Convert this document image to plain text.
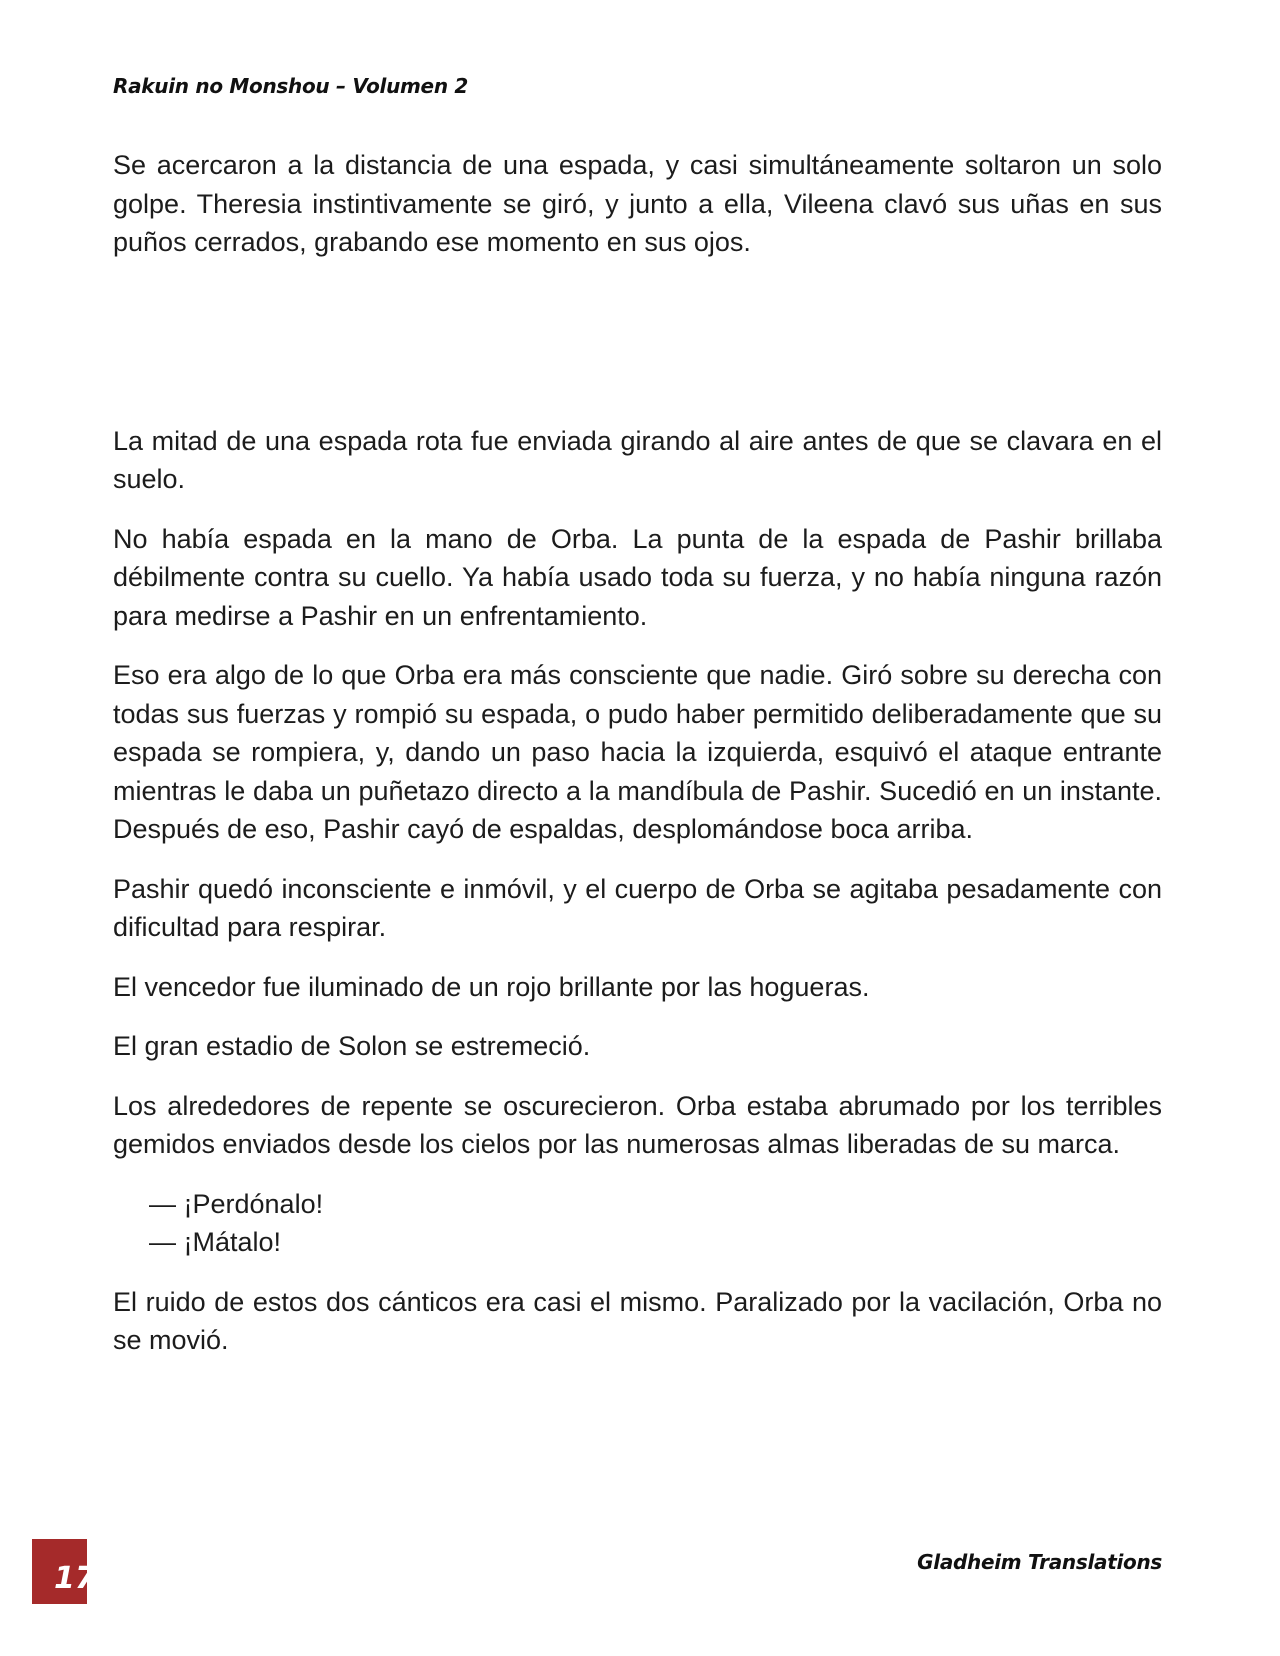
Rakuin no Monshou – Volumen 2

Se acercaron a la distancia de una espada, y casi simultáneamente soltaron un solo golpe. Theresia instintivamente se giró, y junto a ella, Vileena clavó sus uñas en sus puños cerrados, grabando ese momento en sus ojos.

La mitad de una espada rota fue enviada girando al aire antes de que se clavara en el suelo.

No había espada en la mano de Orba. La punta de la espada de Pashir brillaba débilmente contra su cuello. Ya había usado toda su fuerza, y no había ninguna razón para medirse a Pashir en un enfrentamiento.

Eso era algo de lo que Orba era más consciente que nadie. Giró sobre su derecha con todas sus fuerzas y rompió su espada, o pudo haber permitido deliberadamente que su espada se rompiera, y, dando un paso hacia la izquierda, esquivó el ataque entrante mientras le daba un puñetazo directo a la mandíbula de Pashir. Sucedió en un instante. Después de eso, Pashir cayó de espaldas, desplomándose boca arriba.

Pashir quedó inconsciente e inmóvil, y el cuerpo de Orba se agitaba pesadamente con dificultad para respirar.

El vencedor fue iluminado de un rojo brillante por las hogueras.

El gran estadio de Solon se estremeció.

Los alrededores de repente se oscurecieron. Orba estaba abrumado por los terribles gemidos enviados desde los cielos por las numerosas almas liberadas de su marca.

— ¡Perdónalo!
— ¡Mátalo!

El ruido de estos dos cánticos era casi el mismo. Paralizado por la vacilación, Orba no se movió.

17	Gladheim Translations
